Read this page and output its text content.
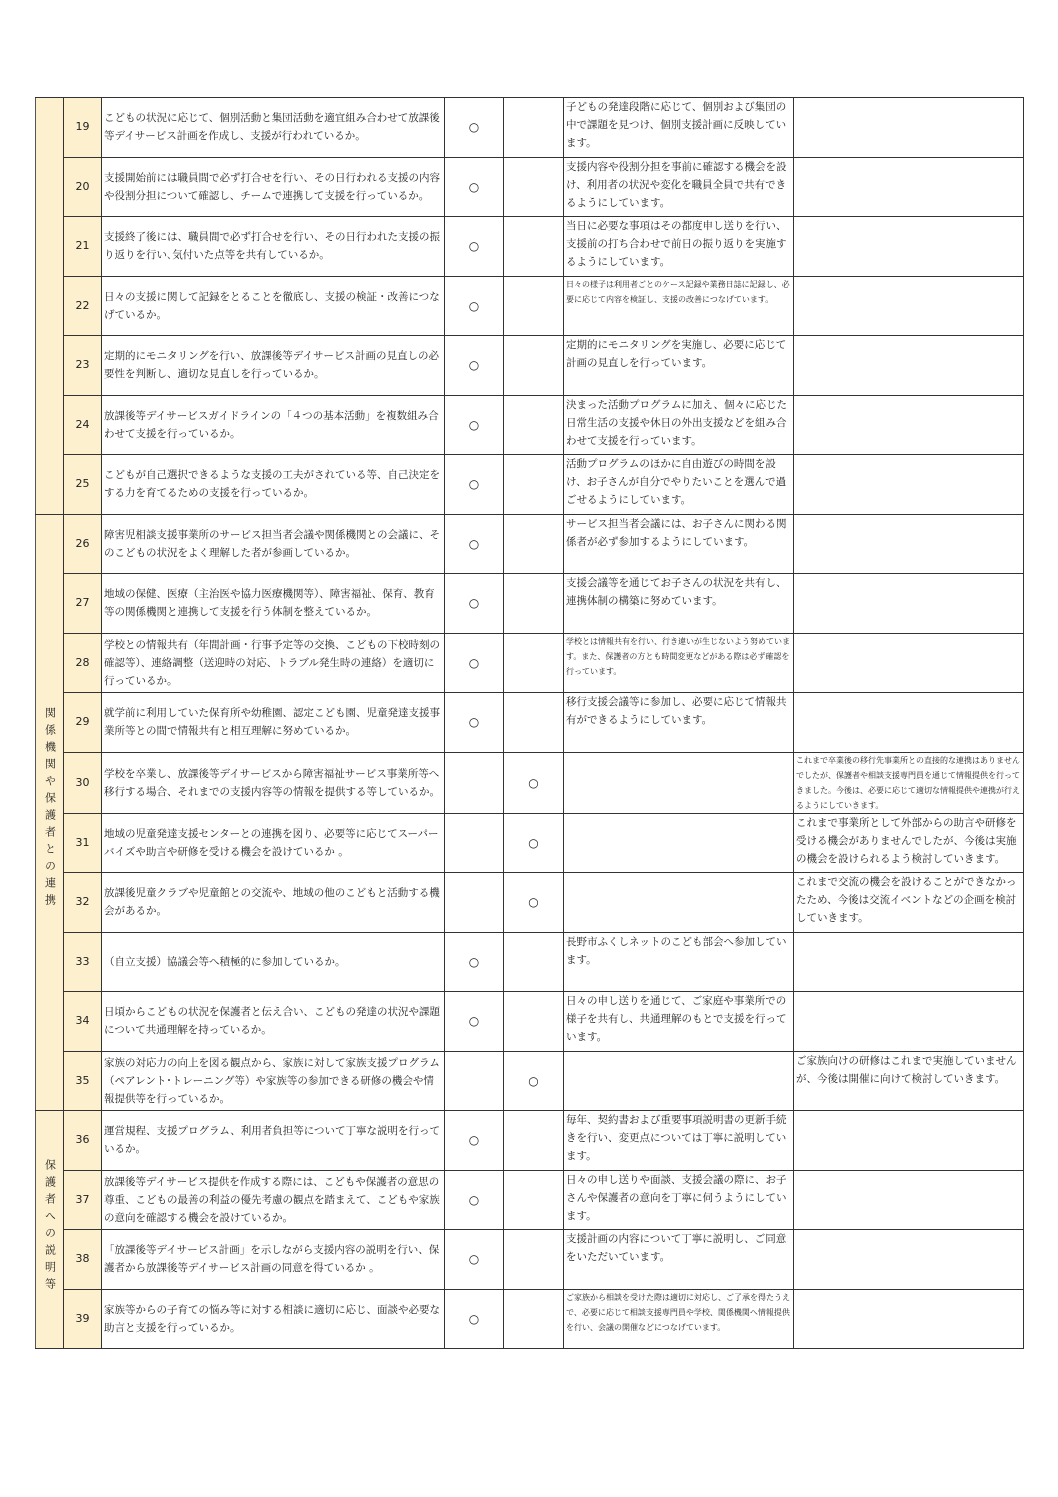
	19	こどもの状況に応じて、個別活動と集団活動を適宜組み合わせて放課後等デイサービス計画を作成し、支援が行われているか。	○		子どもの発達段階に応じて、個別および集団の中で課題を見つけ、個別支援計画に反映しています。	
	20	支援開始前には職員間で必ず打合せを行い、その日行われる支援の内容や役割分担について確認し、チームで連携して支援を行っているか。	○		支援内容や役割分担を事前に確認する機会を設け、利用者の状況や変化を職員全員で共有できるようにしています。	
	21	支援終了後には、職員間で必ず打合せを行い、その日行われた支援の振り返りを行い､気付いた点等を共有しているか。	○		当日に必要な事項はその都度申し送りを行い、支援前の打ち合わせで前日の振り返りを実施するようにしています。	
	22	日々の支援に関して記録をとることを徹底し、支援の検証・改善につなげているか。	○		日々の様子は利用者ごとのケース記録や業務日誌に記録し、必要に応じて内容を検証し、支援の改善につなげています。	
	23	定期的にモニタリングを行い、放課後等デイサービス計画の見直しの必要性を判断し、適切な見直しを行っているか。	○		定期的にモニタリングを実施し、必要に応じて計画の見直しを行っています。	
	24	放課後等デイサービスガイドラインの「４つの基本活動」を複数組み合わせて支援を行っているか。	○		決まった活動プログラムに加え、個々に応じた日常生活の支援や休日の外出支援などを組み合わせて支援を行っています。	
	25	こどもが自己選択できるような支援の工夫がされている等、自己決定をする力を育てるための支援を行っているか。	○		活動プログラムのほかに自由遊びの時間を設け、お子さんが自分でやりたいことを選んで過ごせるようにしています。	
関係機関や保護者との連携	26	障害児相談支援事業所のサービス担当者会議や関係機関との会議に、そのこどもの状況をよく理解した者が参画しているか。	○		サービス担当者会議には、お子さんに関わる関係者が必ず参加するようにしています。	
	27	地域の保健、医療（主治医や協力医療機関等）、障害福祉、保育、教育等の関係機関と連携して支援を行う体制を整えているか。	○		支援会議等を通じてお子さんの状況を共有し、連携体制の構築に努めています。	
	28	学校との情報共有（年間計画・行事予定等の交換、こどもの下校時刻の確認等）、連絡調整（送迎時の対応、トラブル発生時の連絡）を適切に行っているか。	○		学校とは情報共有を行い、行き違いが生じないよう努めています。また、保護者の方とも時間変更などがある際は必ず確認を行っています。	
	29	就学前に利用していた保育所や幼稚園、認定こども園、児童発達支援事業所等との間で情報共有と相互理解に努めているか。	○		移行支援会議等に参加し、必要に応じて情報共有ができるようにしています。	
	30	学校を卒業し、放課後等デイサービスから障害福祉サービス事業所等へ移行する場合、それまでの支援内容等の情報を提供する等しているか。		○		これまで卒業後の移行先事業所との直接的な連携はありませんでしたが、保護者や相談支援専門員を通じて情報提供を行ってきました。今後は、必要に応じて適切な情報提供や連携が行えるようにしていきます。
	31	地域の児童発達支援センターとの連携を図り、必要等に応じてスーパーバイズや助言や研修を受ける機会を設けているか 。		○		これまで事業所として外部からの助言や研修を受ける機会がありませんでしたが、今後は実施の機会を設けられるよう検討していきます。
	32	放課後児童クラブや児童館との交流や、地域の他のこどもと活動する機会があるか。		○		これまで交流の機会を設けることができなかったため、今後は交流イベントなどの企画を検討していきます。
	33	（自立支援）協議会等へ積極的に参加しているか。	○		長野市ふくしネットのこども部会へ参加しています。	
	34	日頃からこどもの状況を保護者と伝え合い、こどもの発達の状況や課題について共通理解を持っているか。	○		日々の申し送りを通じて、ご家庭や事業所での様子を共有し、共通理解のもとで支援を行っています。	
	35	家族の対応力の向上を図る観点から、家族に対して家族支援プログラム（ペアレント･トレーニング等）や家族等の参加できる研修の機会や情報提供等を行っているか。		○		ご家族向けの研修はこれまで実施していませんが、今後は開催に向けて検討していきます。
保護者への説明等	36	運営規程、支援プログラム、利用者負担等について丁寧な説明を行っているか。	○		毎年、契約書および重要事項説明書の更新手続きを行い、変更点については丁寧に説明しています。	
	37	放課後等デイサービス提供を作成する際には、こどもや保護者の意思の尊重、こどもの最善の利益の優先考慮の観点を踏まえて、こどもや家族の意向を確認する機会を設けているか。	○		日々の申し送りや面談、支援会議の際に、お子さんや保護者の意向を丁寧に伺うようにしています。	
	38	「放課後等デイサービス計画」を示しながら支援内容の説明を行い、保護者から放課後等デイサービス計画の同意を得ているか 。	○		支援計画の内容について丁寧に説明し、ご同意をいただいています。	
	39	家族等からの子育ての悩み等に対する相談に適切に応じ、面談や必要な助言と支援を行っているか。	○		ご家族から相談を受けた際は適切に対応し、ご了承を得たうえで、必要に応じて相談支援専門員や学校、関係機関へ情報提供を行い、会議の開催などにつなげています。	
